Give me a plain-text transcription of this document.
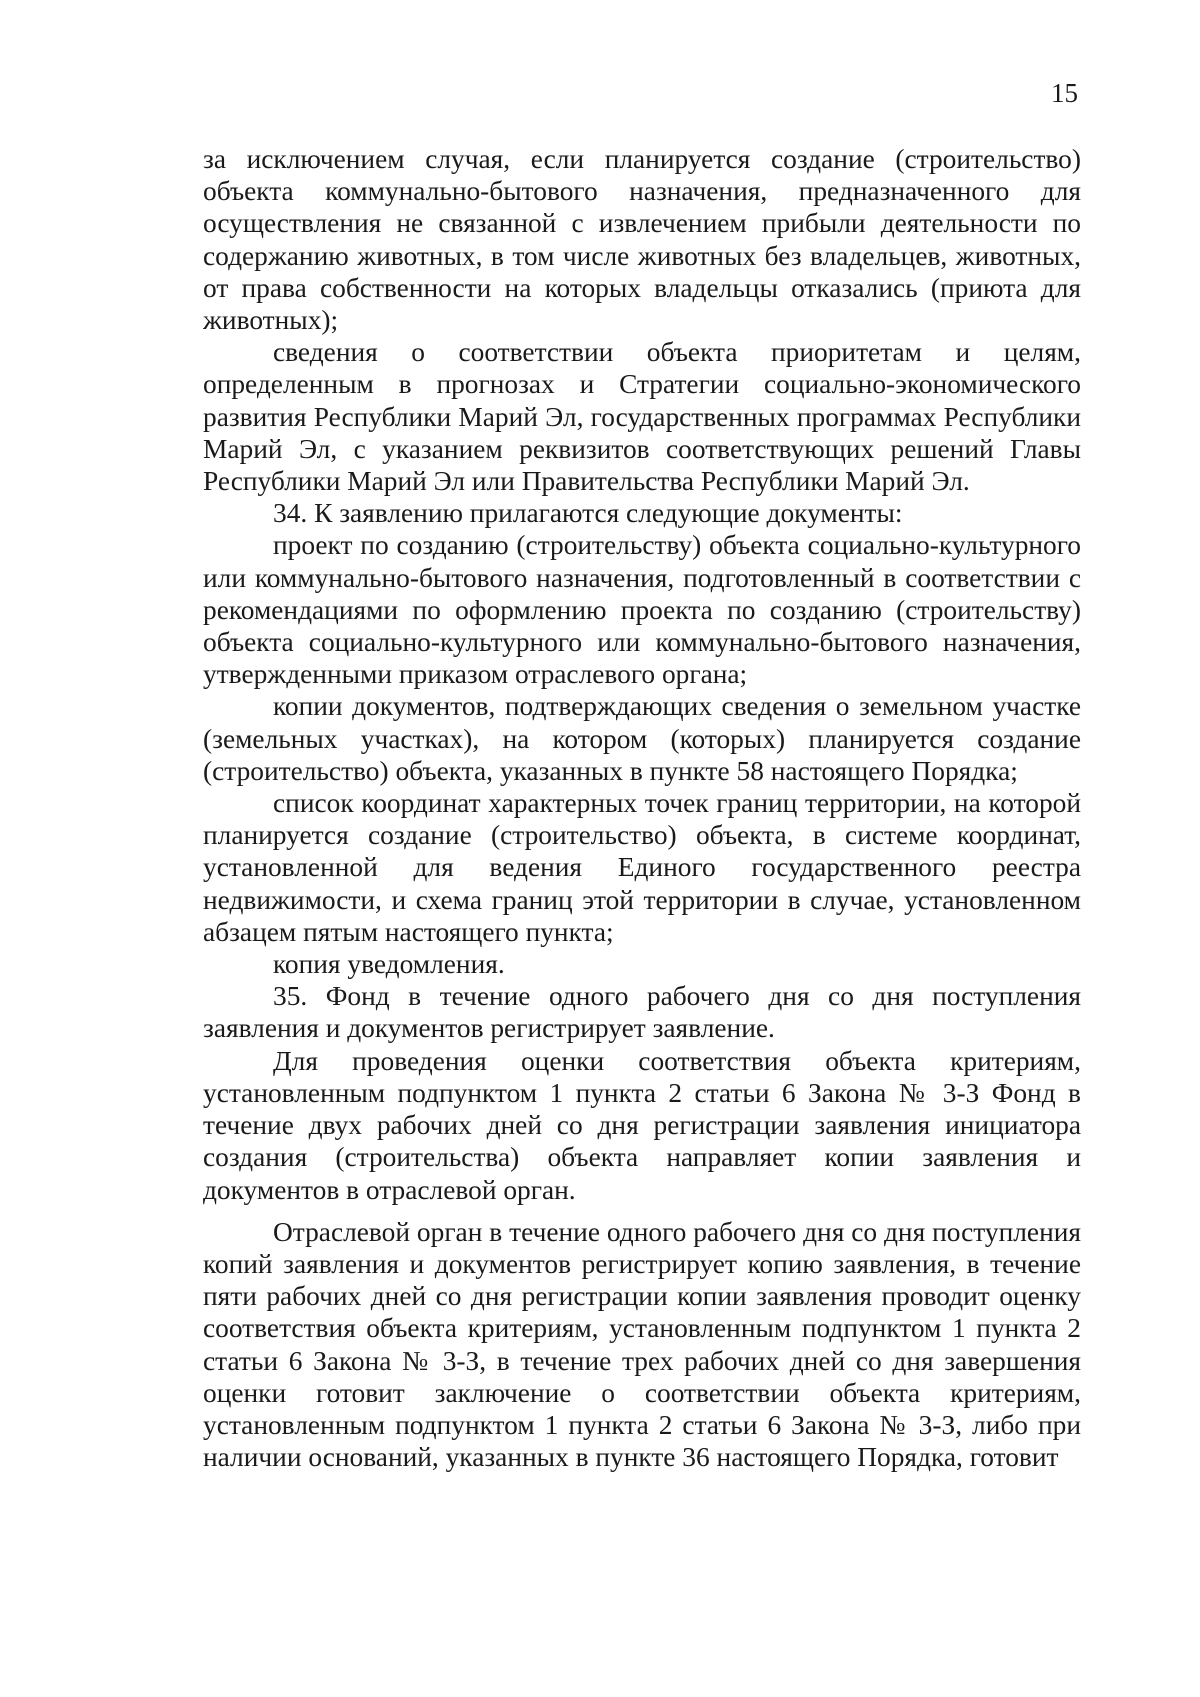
15

за исключением случая, если планируется создание (строительство) объекта коммунально-бытового назначения, предназначенного для осуществления не связанной с извлечением прибыли деятельности по содержанию животных, в том числе животных без владельцев, животных, от права собственности на которых владельцы отказались (приюта для животных);

сведения о соответствии объекта приоритетам и целям, определенным в прогнозах и Стратегии социально-экономического развития Республики Марий Эл, государственных программах Республики Марий Эл, с указанием реквизитов соответствующих решений Главы Республики Марий Эл или Правительства Республики Марий Эл.

34. К заявлению прилагаются следующие документы:

проект по созданию (строительству) объекта социально-культурного или коммунально-бытового назначения, подготовленный в соответствии с рекомендациями по оформлению проекта по созданию (строительству) объекта социально-культурного или коммунально-бытового назначения, утвержденными приказом отраслевого органа;

копии документов, подтверждающих сведения о земельном участке (земельных участках), на котором (которых) планируется создание (строительство) объекта, указанных в пункте 58 настоящего Порядка;

список координат характерных точек границ территории, на которой планируется создание (строительство) объекта, в системе координат, установленной для ведения Единого государственного реестра недвижимости, и схема границ этой территории в случае, установленном абзацем пятым настоящего пункта;

копия уведомления.

35. Фонд в течение одного рабочего дня со дня поступления заявления и документов регистрирует заявление.

Для проведения оценки соответствия объекта критериям, установленным подпунктом 1 пункта 2 статьи 6 Закона № 3-З Фонд в течение двух рабочих дней со дня регистрации заявления инициатора создания (строительства) объекта направляет копии заявления и документов в отраслевой орган.

Отраслевой орган в течение одного рабочего дня со дня поступления копий заявления и документов регистрирует копию заявления, в течение пяти рабочих дней со дня регистрации копии заявления проводит оценку соответствия объекта критериям, установленным подпунктом 1 пункта 2 статьи 6 Закона № 3-З, в течение трех рабочих дней со дня завершения оценки готовит заключение о соответствии объекта критериям, установленным подпунктом 1 пункта 2 статьи 6 Закона № 3-З, либо при наличии оснований, указанных в пункте 36 настоящего Порядка, готовит
